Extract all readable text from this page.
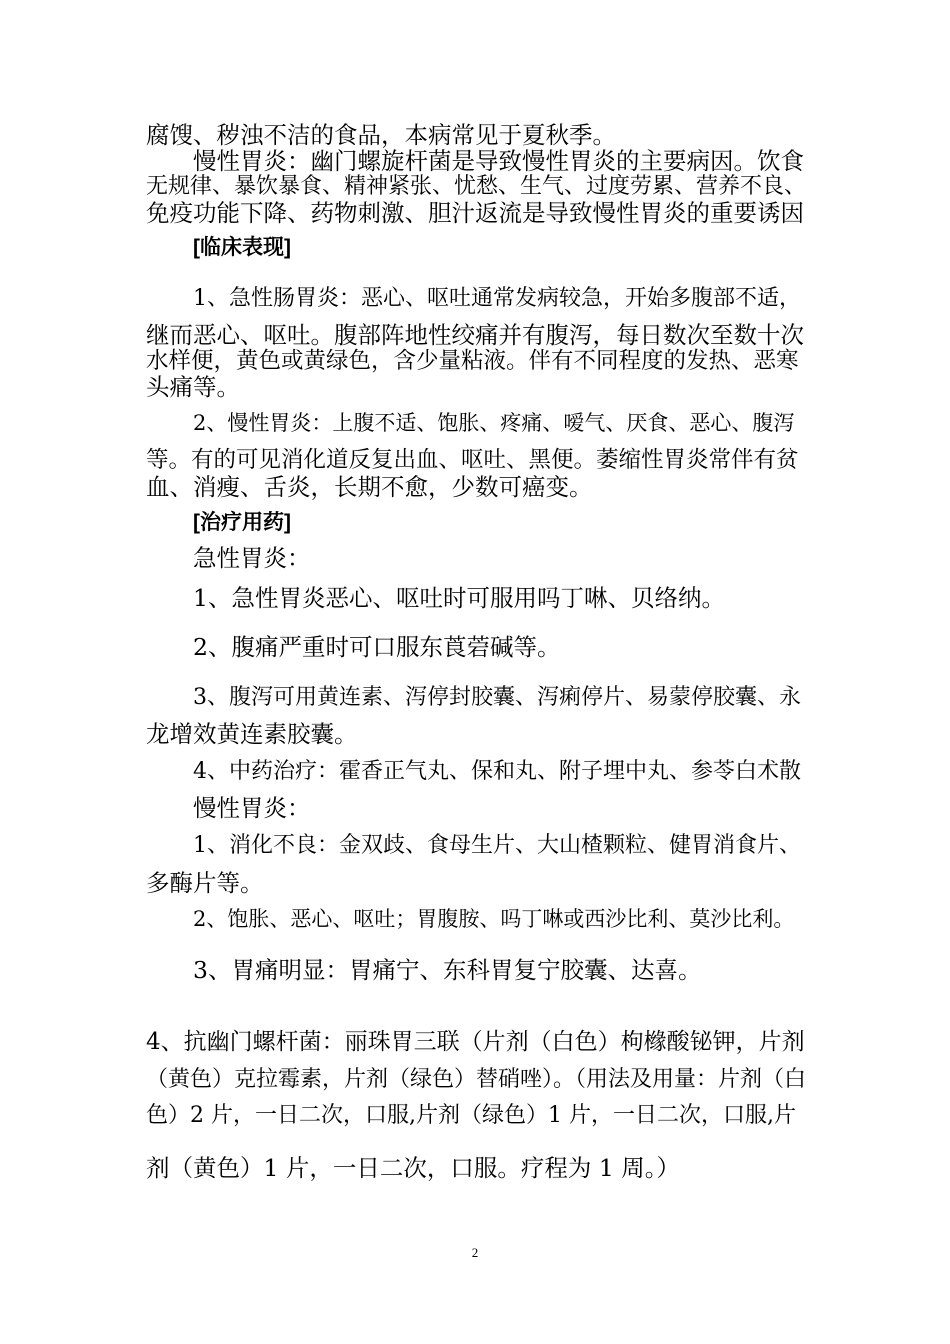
腐馊、秽浊不洁的食品，本病常见于夏秋季。
慢性胃炎：幽门螺旋杆菌是导致慢性胃炎的主要病因。饮食
无规律、暴饮暴食、精神紧张、忧愁、生气、过度劳累、营养不良、
免疫功能下降、药物刺激、胆汁返流是导致慢性胃炎的重要诱因
[临床表现]
1、急性肠胃炎：恶心、呕吐通常发病较急，开始多腹部不适，
继而恶心、呕吐。腹部阵地性绞痛并有腹泻，每日数次至数十次
水样便，黄色或黄绿色，含少量粘液。伴有不同程度的发热、恶寒
头痛等。
2、慢性胃炎：上腹不适、饱胀、疼痛、嗳气、厌食、恶心、腹泻
等。有的可见消化道反复出血、呕吐、黑便。萎缩性胃炎常伴有贫
血、消瘦、舌炎，长期不愈，少数可癌变。
[治疗用药]
急性胃炎：
1、急性胃炎恶心、呕吐时可服用吗丁啉、贝络纳。
2、腹痛严重时可口服东莨菪碱等。
3、腹泻可用黄连素、泻停封胶囊、泻痢停片、易蒙停胶囊、永
龙增效黄连素胶囊。
4、中药治疗：霍香正气丸、保和丸、附子埋中丸、参苓白术散
慢性胃炎：
1、消化不良：金双歧、食母生片、大山楂颗粒、健胃消食片、
多酶片等。
2、饱胀、恶心、呕吐；胃腹胺、吗丁啉或西沙比利、莫沙比利。
3、胃痛明显：胃痛宁、东科胃复宁胶囊、达喜。
4、抗幽门螺杆菌：丽珠胃三联（片剂（白色）枸橼酸铋钾，片剂
（黄色）克拉霉素，片剂（绿色）替硝唑）。（用法及用量：片剂（白
色）2 片，一日二次，口服,片剂（绿色）1 片，一日二次，口服,片
剂（黄色）1 片，一日二次，口服。疗程为 1 周。）
2
